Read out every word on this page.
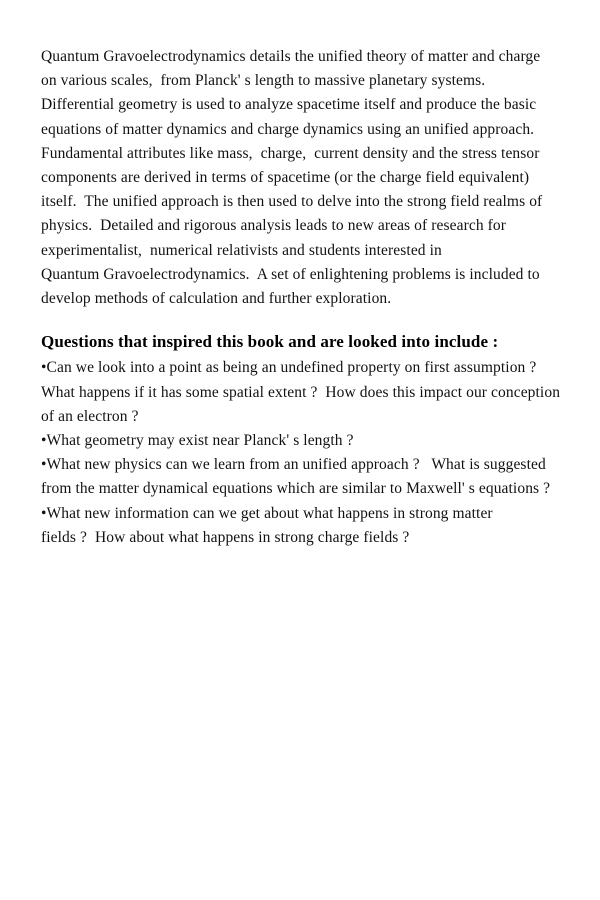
Quantum Gravoelectrodynamics details the unified theory of matter and charge
on various scales,  from Planck' s length to massive planetary systems.
Differential geometry is used to analyze spacetime itself and produce the basic
equations of matter dynamics and charge dynamics using an unified approach.
Fundamental attributes like mass,  charge,  current density and the stress tensor
components are derived in terms of spacetime (or the charge field equivalent)
itself.  The unified approach is then used to delve into the strong field realms of
physics.  Detailed and rigorous analysis leads to new areas of research for
experimentalist,  numerical relativists and students interested in
Quantum Gravoelectrodynamics.  A set of enlightening problems is included to
develop methods of calculation and further exploration.
Questions that inspired this book and are looked into include :
•Can we look into a point as being an undefined property on first assumption ?
What happens if it has some spatial extent ?  How does this impact our conception
of an electron ?
•What geometry may exist near Planck' s length ?
•What new physics can we learn from an unified approach ?   What is suggested
from the matter dynamical equations which are similar to Maxwell' s equations ?
•What new information can we get about what happens in strong matter
fields ?  How about what happens in strong charge fields ?
